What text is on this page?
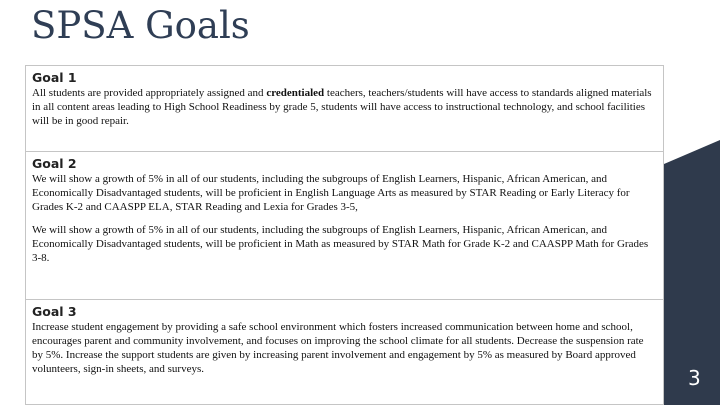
SPSA Goals
Goal 1

All students are provided appropriately assigned and credentialed teachers, teachers/students will have access to standards aligned materials in all content areas leading to High School Readiness by grade 5, students will have access to instructional technology, and school facilities will be in good repair.

Goal 2

We will show a growth of 5% in all of our students, including the subgroups of English Learners, Hispanic, African American, and Economically Disadvantaged students, will be proficient in English Language Arts as measured by STAR Reading or Early Literacy for Grades K-2 and CAASPP ELA, STAR Reading and Lexia for Grades 3-5,

We will show a growth of 5% in all of our students, including the subgroups of English Learners, Hispanic, African American, and Economically Disadvantaged students, will be proficient in Math as measured by STAR Math for Grade K-2 and CAASPP Math for Grades 3-8.

Goal 3

Increase student engagement by providing a safe school environment which fosters increased communication between home and school, encourages parent and community involvement, and focuses on improving the school climate for all students. Decrease the suspension rate by 5%. Increase the support students are given by increasing parent involvement and engagement by 5% as measured by Board approved volunteers, sign-in sheets, and surveys.	3
